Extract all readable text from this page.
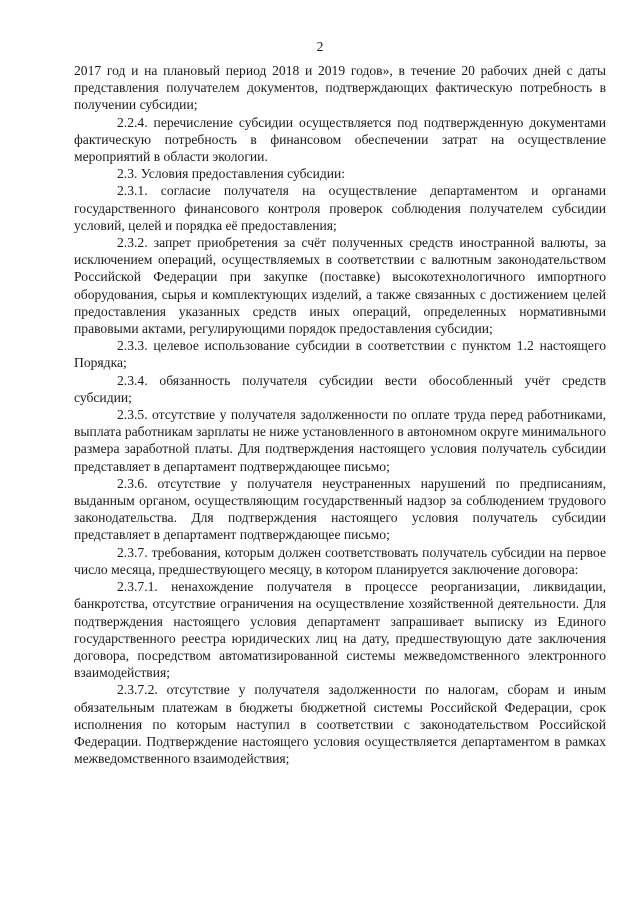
2

2017 год и на плановый период 2018 и 2019 годов», в течение 20 рабочих дней с даты представления получателем документов, подтверждающих фактическую потребность в получении субсидии;

2.2.4. перечисление субсидии осуществляется под подтвержденную документами фактическую потребность в финансовом обеспечении затрат на осуществление мероприятий в области экологии.

2.3. Условия предоставления субсидии:

2.3.1. согласие получателя на осуществление департаментом и органами государственного финансового контроля проверок соблюдения получателем субсидии условий, целей и порядка её предоставления;

2.3.2. запрет приобретения за счёт полученных средств иностранной валюты, за исключением операций, осуществляемых в соответствии с валютным законодательством Российской Федерации при закупке (поставке) высокотехнологичного импортного оборудования, сырья и комплектующих изделий, а также связанных с достижением целей предоставления указанных средств иных операций, определенных нормативными правовыми актами, регулирующими порядок предоставления субсидии;

2.3.3. целевое использование субсидии в соответствии с пунктом 1.2 настоящего Порядка;

2.3.4. обязанность получателя субсидии вести обособленный учёт средств субсидии;

2.3.5. отсутствие у получателя задолженности по оплате труда перед работниками, выплата работникам зарплаты не ниже установленного в автономном округе минимального размера заработной платы. Для подтверждения настоящего условия получатель субсидии представляет в департамент подтверждающее письмо;

2.3.6. отсутствие у получателя неустраненных нарушений по предписаниям, выданным органом, осуществляющим государственный надзор за соблюдением трудового законодательства. Для подтверждения настоящего условия получатель субсидии представляет в департамент подтверждающее письмо;

2.3.7. требования, которым должен соответствовать получатель субсидии на первое число месяца, предшествующего месяцу, в котором планируется заключение договора:

2.3.7.1. ненахождение получателя в процессе реорганизации, ликвидации, банкротства, отсутствие ограничения на осуществление хозяйственной деятельности. Для подтверждения настоящего условия департамент запрашивает выписку из Единого государственного реестра юридических лиц на дату, предшествующую дате заключения договора, посредством автоматизированной системы межведомственного электронного взаимодействия;

2.3.7.2. отсутствие у получателя задолженности по налогам, сборам и иным обязательным платежам в бюджеты бюджетной системы Российской Федерации, срок исполнения по которым наступил в соответствии с законодательством Российской Федерации. Подтверждение настоящего условия осуществляется департаментом в рамках межведомственного взаимодействия;
